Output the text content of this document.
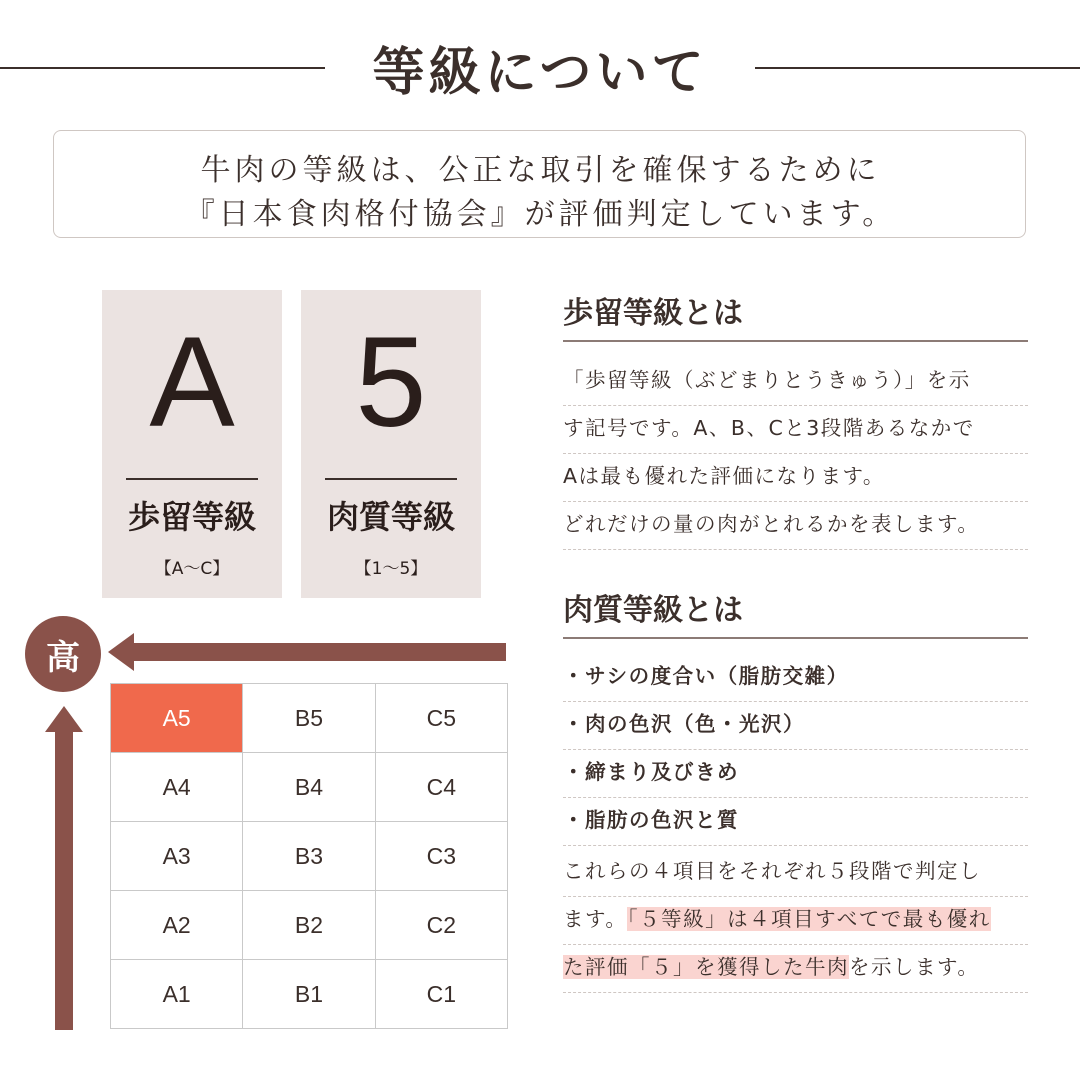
等級について
牛肉の等級は、公正な取引を確保するために
『日本食肉格付協会』が評価判定しています。
A
歩留等級
【A～C】
5
肉質等級
【1～5】
高
A5	B5	C5
A4	B4	C4
A3	B3	C3
A2	B2	C2
A1	B1	C1
歩留等級とは
「歩留等級（ぶどまりとうきゅう）」を示
す記号です。A、B、Cと3段階あるなかで
Aは最も優れた評価になります。
どれだけの量の肉がとれるかを表します。
肉質等級とは
・サシの度合い（脂肪交雑）
・肉の色沢（色・光沢）
・締まり及びきめ
・脂肪の色沢と質
これらの４項目をそれぞれ５段階で判定し
ます。「５等級」は４項目すべてで最も優れ
た評価「５」を獲得した牛肉を示します。
